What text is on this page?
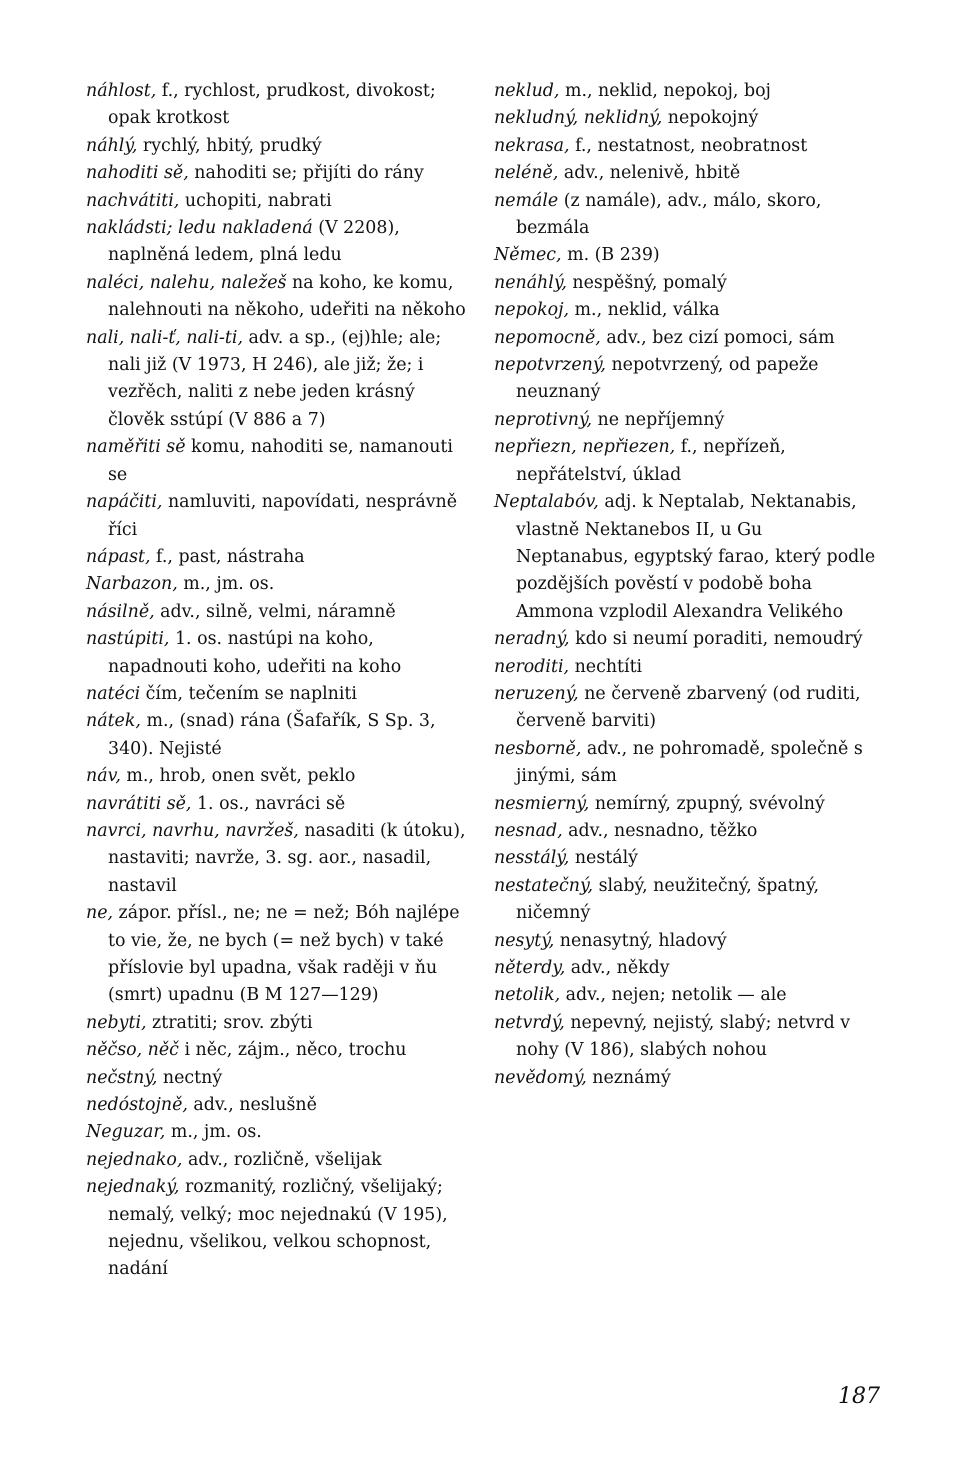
náhlost, f., rychlost, prudkost, divokost; opak krotkost

náhlý, rychlý, hbitý, prudký

nahoditi sě, nahoditi se; přijíti do rány

nachvátiti, uchopiti, nabrati

nakládsti; ledu nakladená (V 2208), naplněná ledem, plná ledu

naléci, nalehu, naležeš na koho, ke komu, nalehnouti na někoho, udeřiti na někoho

nali, nali-ť, nali-ti, adv. a sp., (ej)hle; ale; nali již (V 1973, H 246), ale již; že; i vezřěch, naliti z nebe jeden krásný člověk sstúpí (V 886 a 7)

naměřiti sě komu, nahoditi se, namanouti se

napáčiti, namluviti, napovídati, nesprávně říci

nápast, f., past, nástraha

Narbazon, m., jm. os.

násilně, adv., silně, velmi, náramně

nastúpiti, 1. os. nastúpi na koho, napadnouti koho, udeřiti na koho

natéci čím, tečením se naplniti

nátek, m., (snad) rána (Šafařík, S Sp. 3, 340). Nejisté

náv, m., hrob, onen svět, peklo

navrátiti sě, 1. os., navráci sě

navrci, navrhu, navržeš, nasaditi (k útoku), nastaviti; navrže, 3. sg. aor., nasadil, nastavil

ne, zápor. přísl., ne; ne = než; Bóh najlépe to vie, že, ne bych (= než bych) v také příslovie byl upadna, však raději v ňu (smrt) upadnu (B M 127—129)

nebyti, ztratiti; srov. zbýti

něčso, něč i něc, zájm., něco, trochu

nečstný, nectný

nedóstojně, adv., neslušně

Neguzar, m., jm. os.

nejednako, adv., rozličně, všelijak

nejednaký, rozmanitý, rozličný, všelijaký; nemalý, velký; moc nejednakú (V 195), nejednu, všelikou, velkou schopnost, nadání

neklud, m., neklid, nepokoj, boj

nekludný, neklidný, nepokojný

nekrasa, f., nestatnost, neobratnost

neléně, adv., nelenivě, hbitě

nemále (z namále), adv., málo, skoro, bezmála

Němec, m. (B 239)

nenáhlý, nespěšný, pomalý

nepokoj, m., neklid, válka

nepomocně, adv., bez cizí pomoci, sám

nepotvrzený, nepotvrzený, od papeže neuznaný

neprotivný, ne nepříjemný

nepřiezn, nepřiezen, f., nepřízeň, nepřátelství, úklad

Neptalabóv, adj. k Neptalab, Nektanabis, vlastně Nektanebos II, u Gu Neptanabus, egyptský farao, který podle pozdějších pověstí v podobě boha Ammona vzplodil Alexandra Velikého

neradný, kdo si neumí poraditi, nemoudrý

neroditi, nechtíti

neruzený, ne červeně zbarvený (od ruditi, červeně barviti)

nesborně, adv., ne pohromadě, společně s jinými, sám

nesmierný, nemírný, zpupný, svévolný

nesnad, adv., nesnadno, těžko

nesstálý, nestálý

nestatečný, slabý, neužitečný, špatný, ničemný

nesytý, nenasytný, hladový

něterdy, adv., někdy

netolik, adv., nejen; netolik — ale

netvrdý, nepevný, nejistý, slabý; netvrd v nohy (V 186), slabých nohou

nevědomý, neznámý

187
